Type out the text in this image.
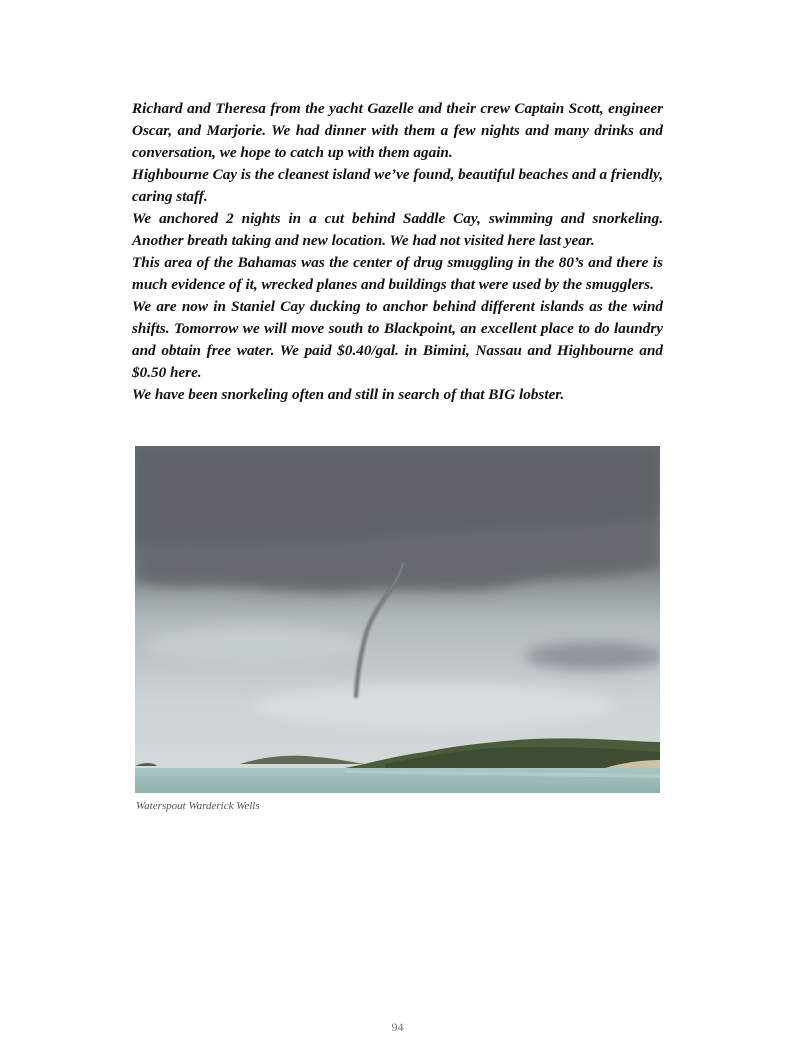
Richard and Theresa from the yacht Gazelle and their crew Captain Scott, engineer Oscar, and Marjorie. We had dinner with them a few nights and many drinks and conversation, we hope to catch up with them again.

Highbourne Cay is the cleanest island we’ve found, beautiful beaches and a friendly, caring staff.

We anchored 2 nights in a cut behind Saddle Cay, swimming and snorkeling. Another breath taking and new location. We had not visited here last year.

This area of the Bahamas was the center of drug smuggling in the 80’s and there is much evidence of it, wrecked planes and buildings that were used by the smugglers.

We are now in Staniel Cay ducking to anchor behind different islands as the wind shifts. Tomorrow we will move south to Blackpoint, an excellent place to do laundry and obtain free water. We paid $0.40/gal. in Bimini, Nassau and Highbourne and $0.50 here.

We have been snorkeling often and still in search of that BIG lobster.

Waterspout Warderick Wells
94
